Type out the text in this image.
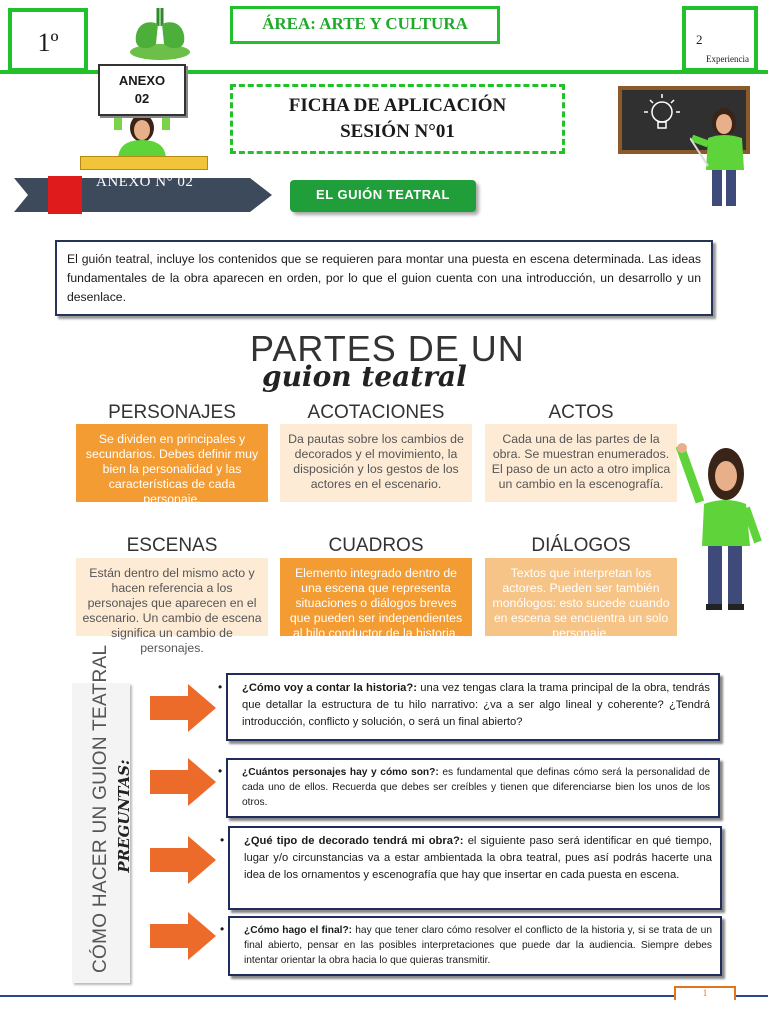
1º
ÁREA: ARTE Y CULTURA
Experiencia
2
ANEXO
02	FICHA DE APLICACIÓN
SESIÓN N°01
ANEXO N° 02
EL GUIÓN TEATRAL
El guión teatral, incluye los contenidos que se requieren para montar una puesta en escena determinada. Las ideas fundamentales de la obra aparecen en orden, por lo que el guion cuenta con una introducción, un desarrollo y un desenlace.
PARTES DE UN
guion teatral
PERSONAJES
Se dividen en principales y secundarios. Debes definir muy bien la personalidad y las características de cada personaje.
ACOTACIONES
Da pautas sobre los cambios de decorados y el movimiento, la disposición y los gestos de los actores en el escenario.
ACTOS
Cada una de las partes de la obra. Se muestran enumerados. El paso de un acto a otro implica un cambio en la escenografía.
ESCENAS
Están dentro del mismo acto y hacen referencia a los personajes que aparecen en el escenario. Un cambio de escena significa un cambio de personajes.
CUADROS
Elemento integrado dentro de una escena que representa situaciones o diálogos breves que pueden ser independientes al hilo conductor de la historia.
DIÁLOGOS
Textos que interpretan los actores. Pueden ser también monólogos: esto sucede cuando en escena se encuentra un solo personaje.
CÓMO HACER UN GUION TEATRAL PREGUNTAS:
• ¿Cómo voy a contar la historia?: una vez tengas clara la trama principal de la obra, tendrás que detallar la estructura de tu hilo narrativo: ¿va a ser algo lineal y coherente? ¿Tendrá introducción, conflicto y solución, o será un final abierto?
• ¿Cuántos personajes hay y cómo son?: es fundamental que definas cómo será la personalidad de cada uno de ellos. Recuerda que debes ser creíbles y tienen que diferenciarse bien los unos de los otros.
• ¿Qué tipo de decorado tendrá mi obra?: el siguiente paso será identificar en qué tiempo, lugar y/o circunstancias va a estar ambientada la obra teatral, pues así podrás hacerte una idea de los ornamentos y escenografía que hay que insertar en cada puesta en escena.
• ¿Cómo hago el final?: hay que tener claro cómo resolver el conflicto de la historia y, si se trata de un final abierto, pensar en las posibles interpretaciones que puede dar la audiencia. Siempre debes intentar orientar la obra hacia lo que quieras transmitir.
1
